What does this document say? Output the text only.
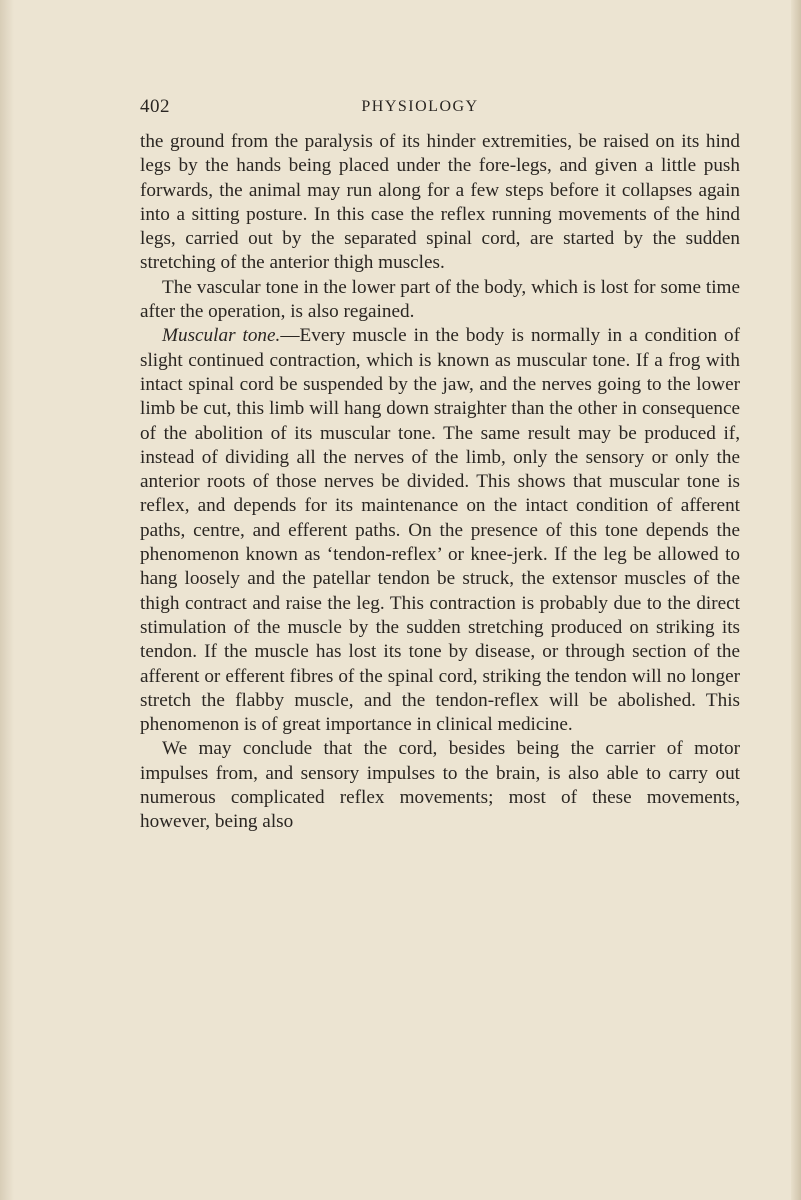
402	PHYSIOLOGY

the ground from the paralysis of its hinder extremities, be raised on its hind legs by the hands being placed under the fore-legs, and given a little push forwards, the animal may run along for a few steps before it collapses again into a sitting posture. In this case the reflex running movements of the hind legs, carried out by the separated spinal cord, are started by the sudden stretching of the anterior thigh muscles.

The vascular tone in the lower part of the body, which is lost for some time after the operation, is also regained.

Muscular tone.—Every muscle in the body is normally in a condition of slight continued contraction, which is known as muscular tone. If a frog with intact spinal cord be suspended by the jaw, and the nerves going to the lower limb be cut, this limb will hang down straighter than the other in consequence of the abolition of its muscular tone. The same result may be produced if, instead of dividing all the nerves of the limb, only the sensory or only the anterior roots of those nerves be divided. This shows that muscular tone is reflex, and depends for its maintenance on the intact condition of afferent paths, centre, and efferent paths. On the presence of this tone depends the phenomenon known as ‘tendon-reflex’ or knee-jerk. If the leg be allowed to hang loosely and the patellar tendon be struck, the extensor muscles of the thigh contract and raise the leg. This contraction is probably due to the direct stimulation of the muscle by the sudden stretching produced on striking its tendon. If the muscle has lost its tone by disease, or through section of the afferent or efferent fibres of the spinal cord, striking the tendon will no longer stretch the flabby muscle, and the tendon-reflex will be abolished. This phenomenon is of great importance in clinical medicine.

We may conclude that the cord, besides being the carrier of motor impulses from, and sensory impulses to the brain, is also able to carry out numerous complicated reflex movements; most of these movements, however, being also
